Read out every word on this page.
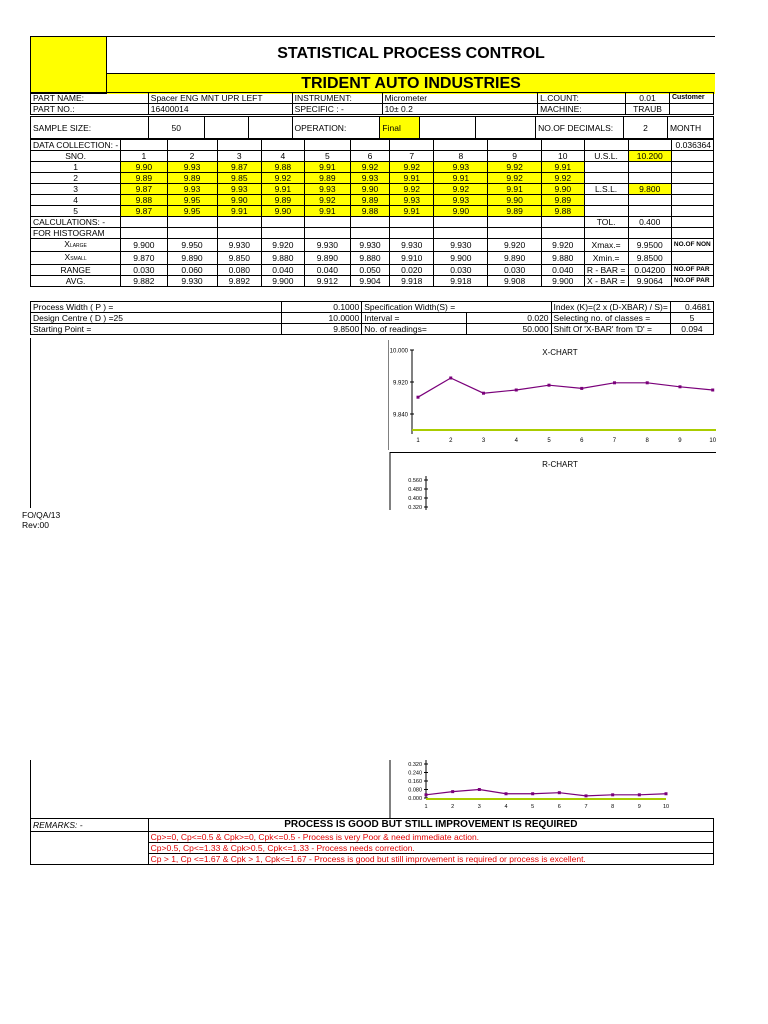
STATISTICAL PROCESS CONTROL
TRIDENT AUTO INDUSTRIES
PART NAME:	Spacer ENG MNT UPR LEFT	INSTRUMENT:	Micrometer	L.COUNT:	0.01	Customer
PART NO.:	16400014	SPECIFIC : -	10± 0.2	MACHINE:	TRAUB	
SAMPLE SIZE:	50			OPERATION:	Final			NO.OF DECIMALS:	2	MONTH
DATA COLLECTION: -													0.036364
SNO.	1	2	3	4	5	6	7	8	9	10	U.S.L.	10.200	
1	9.90	9.93	9.87	9.88	9.91	9.92	9.92	9.93	9.92	9.91			
2	9.89	9.89	9.85	9.92	9.89	9.93	9.91	9.91	9.92	9.92			
3	9.87	9.93	9.93	9.91	9.93	9.90	9.92	9.92	9.91	9.90	L.S.L.	9.800	
4	9.88	9.95	9.90	9.89	9.92	9.89	9.93	9.93	9.90	9.89			
5	9.87	9.95	9.91	9.90	9.91	9.88	9.91	9.90	9.89	9.88			
CALCULATIONS: -											TOL.	0.400	
FOR HISTOGRAM													
XLARGE	9.900	9.950	9.930	9.920	9.930	9.930	9.930	9.930	9.920	9.920	Xmax.=	9.9500	NO.OF NON
XSMALL	9.870	9.890	9.850	9.880	9.890	9.880	9.910	9.900	9.890	9.880	Xmin.=	9.8500	
RANGE	0.030	0.060	0.080	0.040	0.040	0.050	0.020	0.030	0.030	0.040	R - BAR =	0.04200	NO.OF PAR
AVG.	9.882	9.930	9.892	9.900	9.912	9.904	9.918	9.918	9.908	9.900	X - BAR =	9.9064	NO.OF PAR
Process Width ( P ) =	0.1000	Specification Width(S) =		Index (K)=(2 x (D-XBAR) / S)=	0.4681
Design Centre ( D ) =25	10.0000	Interval =	0.020	Selecting no. of classes =	5
Starting Point =	9.8500	No. of readings=	50.000	Shift Of 'X-BAR' from 'D' =	0.094
X-CHART
10.000
9.920
9.840
1	2	3	4	5	6	7	8	9	10
R-CHART
0.560
0.480
0.400
0.320
FO/QA/13
Rev:00
0.320
0.240
0.160
0.080
0.000
1	2	3	4	5	6	7	8	9	10
REMARKS: -	PROCESS IS GOOD BUT STILL IMPROVEMENT IS REQUIRED
	Cp>=0, Cp<=0.5 & Cpk>=0, Cpk<=0.5 - Process is very Poor & need immediate action.
	Cp>0.5, Cp<=1.33 & Cpk>0.5, Cpk<=1.33 - Process needs correction.
	Cp > 1, Cp <=1.67 & Cpk > 1, Cpk<=1.67 - Process is good but still improvement is required or process is excellent.
